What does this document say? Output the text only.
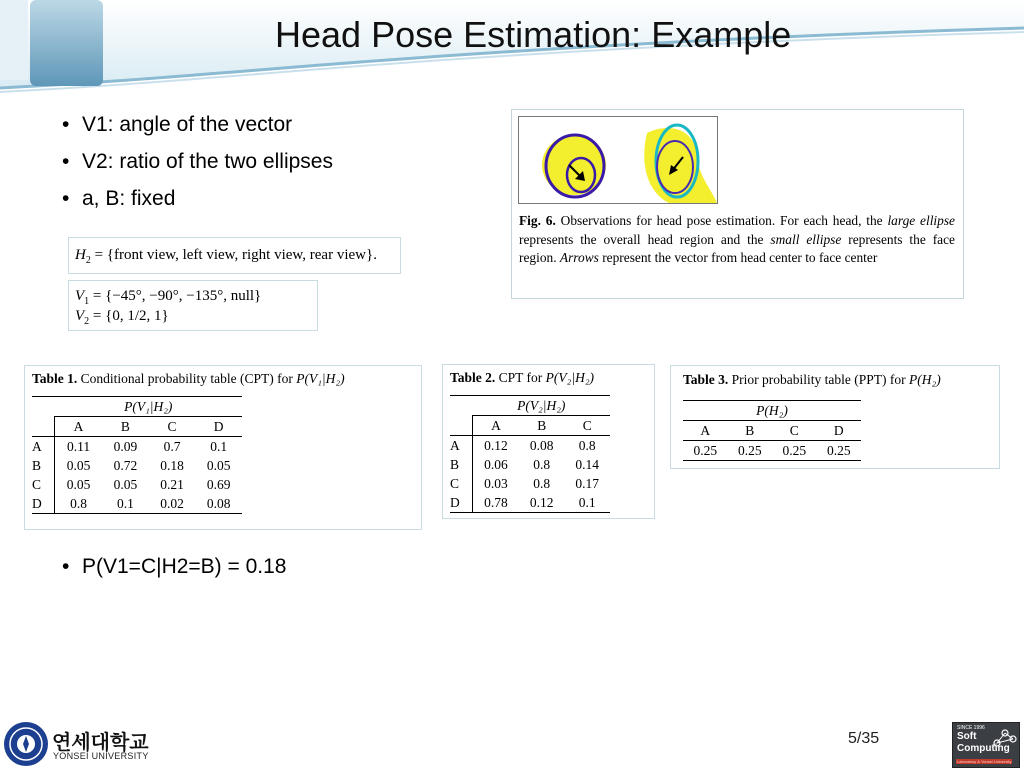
Head Pose Estimation: Example
• V1: angle of the vector
• V2: ratio of the two ellipses
• a, B: fixed
$H_2$ = {front view, left view, right view, rear view}.
$V_1 = \{-45^\circ$, −90°, −135°, null}
$V_2 = \{0$, 1/2, 1}
Fig. 6. Observations for head pose estimation. For each head, the large ellipse represents the overall head region and the small ellipse represents the face region. Arrows represent the vector from head center to face center
Table 1. Conditional probability table (CPT) for P(V₁|H₂)
	P(V₁|H₂)			
	A	B	C	D
A	0.11	0.09	0.7	0.1
B	0.05	0.72	0.18	0.05
C	0.05	0.05	0.21	0.69
D	0.8	0.1	0.02	0.08
Table 2. CPT for P(V₂|H₂)
	P(V₂|H₂)		
	A	B	C
A	0.12	0.08	0.8
B	0.06	0.8	0.14
C	0.03	0.8	0.17
D	0.78	0.12	0.1
Table 3. Prior probability table (PPT) for P(H₂)
P(H₂)			
A	B	C	D
0.25	0.25	0.25	0.25
• P(V1=C|H2=B) = 0.18
연세대학교
YONSEI UNIVERSITY
5/35
SINCE 1996
Soft
Computing
Laboratory & Yonsei University
